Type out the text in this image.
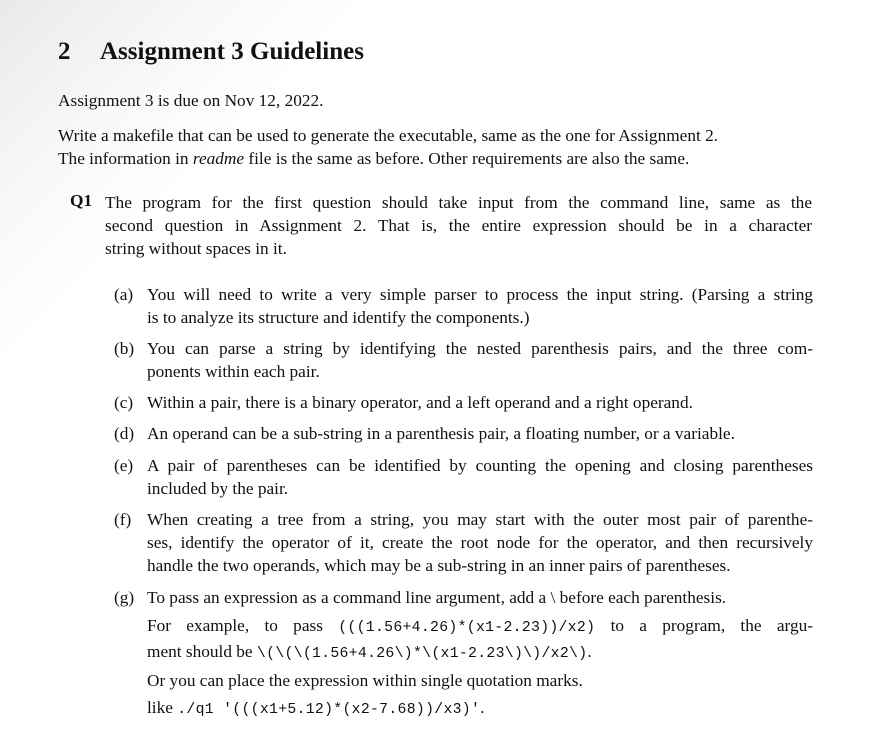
2 Assignment 3 Guidelines
Assignment 3 is due on Nov 12, 2022.
Write a makefile that can be used to generate the executable, same as the one for Assignment 2.
The information in readme file is the same as before. Other requirements are also the same.
Q1 The program for the first question should take input from the command line, same as the
second question in Assignment 2. That is, the entire expression should be in a character
string without spaces in it.
(a) You will need to write a very simple parser to process the input string. (Parsing a string
is to analyze its structure and identify the components.)
(b) You can parse a string by identifying the nested parenthesis pairs, and the three com-
ponents within each pair.
(c) Within a pair, there is a binary operator, and a left operand and a right operand.
(d) An operand can be a sub-string in a parenthesis pair, a floating number, or a variable.
(e) A pair of parentheses can be identified by counting the opening and closing parentheses
included by the pair.
(f) When creating a tree from a string, you may start with the outer most pair of parenthe-
ses, identify the operator of it, create the root node for the operator, and then recursively
handle the two operands, which may be a sub-string in an inner pairs of parentheses.
(g) To pass an expression as a command line argument, add a \ before each parenthesis.
For example, to pass (((1.56+4.26)*(x1-2.23))/x2) to a program, the argu-
ment should be \(\(\(1.56+4.26\)*\(x1-2.23\)\)/x2\).
Or you can place the expression within single quotation marks.
like ./q1 '(((x1+5.12)*(x2-7.68))/x3)'.
